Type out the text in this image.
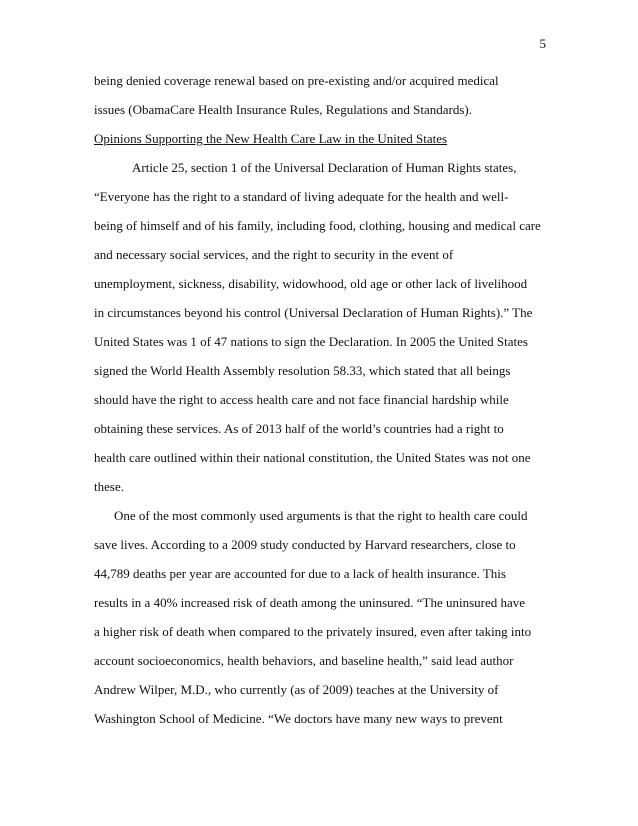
5
being denied coverage renewal based on pre-existing and/or acquired medical
issues (ObamaCare Health Insurance Rules, Regulations and Standards).
Opinions Supporting the New Health Care Law in the United States
Article 25, section 1 of the Universal Declaration of Human Rights states,
“Everyone has the right to a standard of living adequate for the health and well-
being of himself and of his family, including food, clothing, housing and medical care
and necessary social services, and the right to security in the event of
unemployment, sickness, disability, widowhood, old age or other lack of livelihood
in circumstances beyond his control (Universal Declaration of Human Rights).” The
United States was 1 of 47 nations to sign the Declaration. In 2005 the United States
signed the World Health Assembly resolution 58.33, which stated that all beings
should have the right to access health care and not face financial hardship while
obtaining these services. As of 2013 half of the world’s countries had a right to
health care outlined within their national constitution, the United States was not one
these.
One of the most commonly used arguments is that the right to health care could
save lives. According to a 2009 study conducted by Harvard researchers, close to
44,789 deaths per year are accounted for due to a lack of health insurance. This
results in a 40% increased risk of death among the uninsured. “The uninsured have
a higher risk of death when compared to the privately insured, even after taking into
account socioeconomics, health behaviors, and baseline health,” said lead author
Andrew Wilper, M.D., who currently (as of 2009) teaches at the University of
Washington School of Medicine. “We doctors have many new ways to prevent
